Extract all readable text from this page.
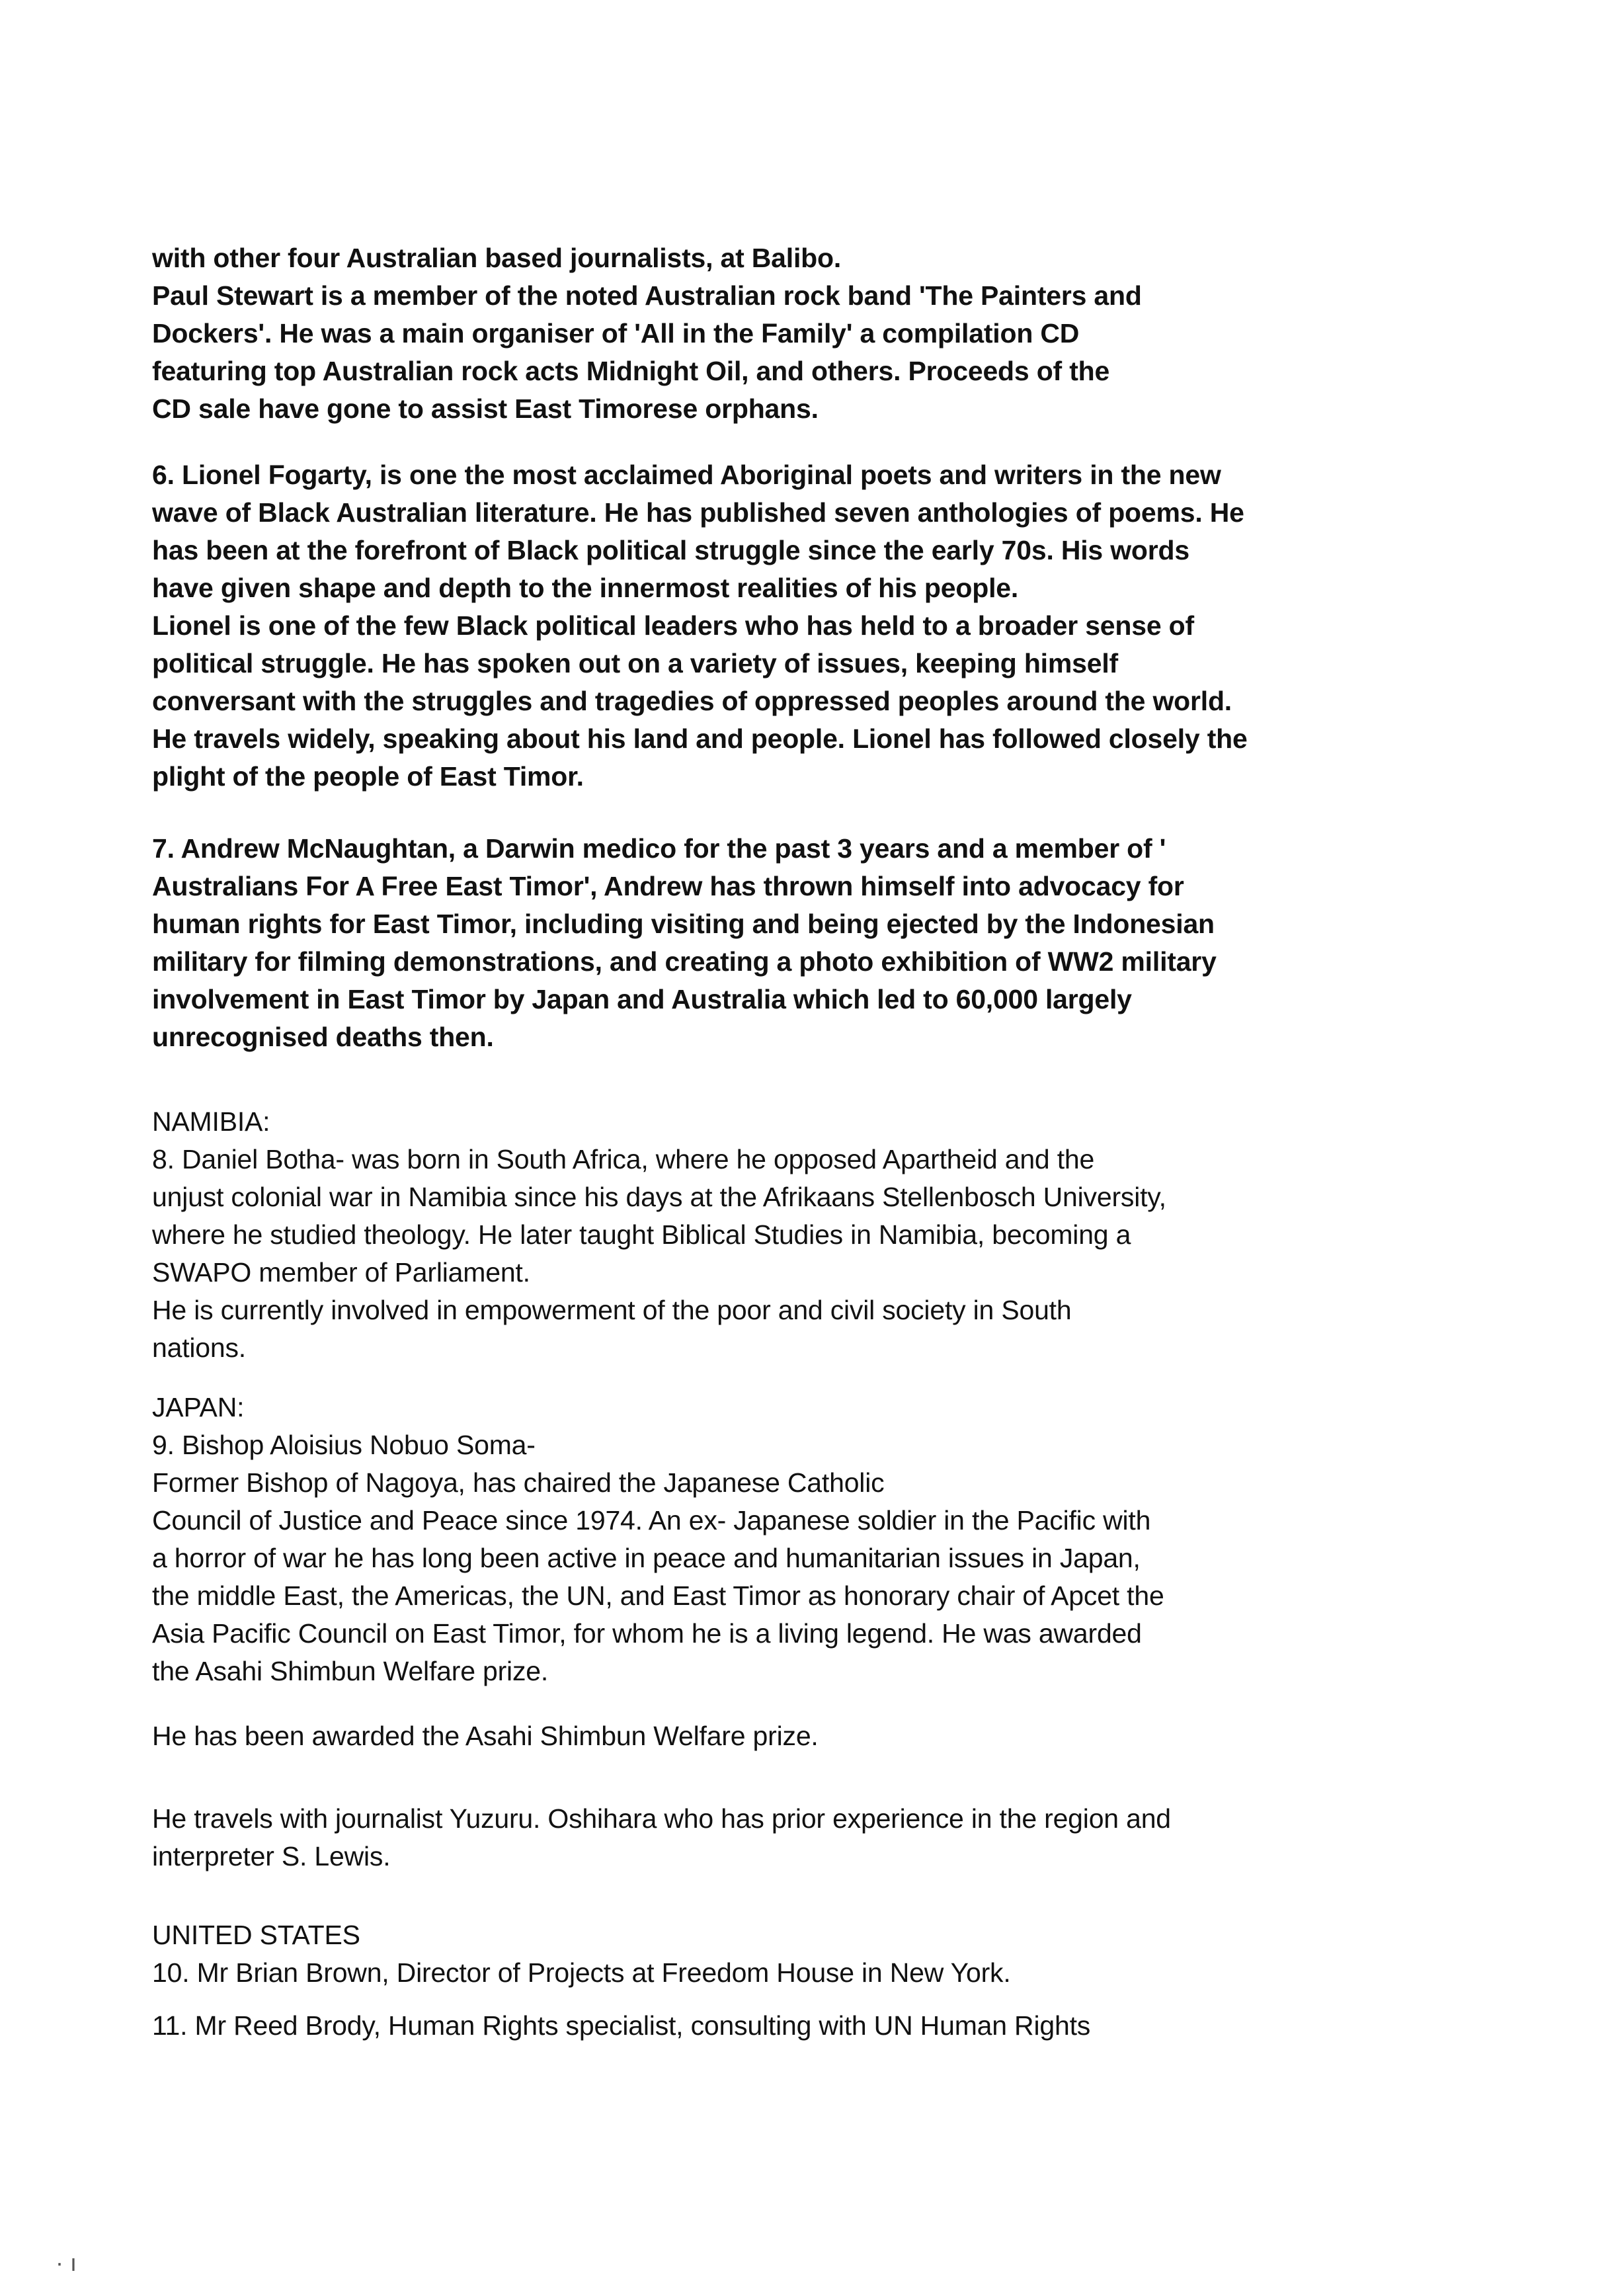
with other four Australian based journalists, at Balibo.
Paul Stewart is a member of the noted Australian rock band 'The Painters and
Dockers'. He was a main organiser of 'All in the Family' a compilation CD
featuring top Australian rock acts Midnight Oil, and others. Proceeds of the
CD sale have gone to assist East Timorese orphans.
6. Lionel Fogarty, is one the most acclaimed Aboriginal poets and writers in the new
wave of Black Australian literature. He has published seven anthologies of poems. He
has been at the forefront of Black political struggle since the early 70s. His words
have given shape and depth to the innermost realities of his people.
Lionel is one of the few Black political leaders who has held to a broader sense of
political struggle. He has spoken out on a variety of issues, keeping himself
conversant with the struggles and tragedies of oppressed peoples around the world.
He travels widely, speaking about his land and people. Lionel has followed closely the
plight of the people of East Timor.
7. Andrew McNaughtan, a Darwin medico for the past 3 years and a member of '
Australians For A Free East Timor', Andrew has thrown himself into advocacy for
human rights for East Timor, including visiting and being ejected by the Indonesian
military for filming demonstrations, and creating a photo exhibition of WW2 military
involvement in East Timor by Japan and Australia which led to 60,000 largely
unrecognised deaths then.
NAMIBIA:
8. Daniel Botha- was born in South Africa, where he opposed Apartheid and the
unjust colonial war in Namibia since his days at the Afrikaans Stellenbosch University,
where he studied theology. He later taught Biblical Studies in Namibia, becoming a
SWAPO member of Parliament.
He is currently involved in empowerment of the poor and civil society in South
nations.
JAPAN:
9. Bishop Aloisius Nobuo Soma-
Former Bishop of Nagoya, has chaired the Japanese Catholic
Council of Justice and Peace since 1974. An ex- Japanese soldier in the Pacific with
a horror of war he has long been active in peace and humanitarian issues in Japan,
the middle East, the Americas, the UN, and East Timor as honorary chair of Apcet the
Asia Pacific Council on East Timor, for whom he is a living legend. He was awarded
the Asahi Shimbun Welfare prize.
He has been awarded the Asahi Shimbun Welfare prize.
He travels with journalist Yuzuru. Oshihara who has prior experience in the region and
interpreter S. Lewis.
UNITED STATES
10. Mr Brian Brown, Director of Projects at Freedom House in New York.
11. Mr Reed Brody, Human Rights specialist, consulting with UN Human Rights
· ı
